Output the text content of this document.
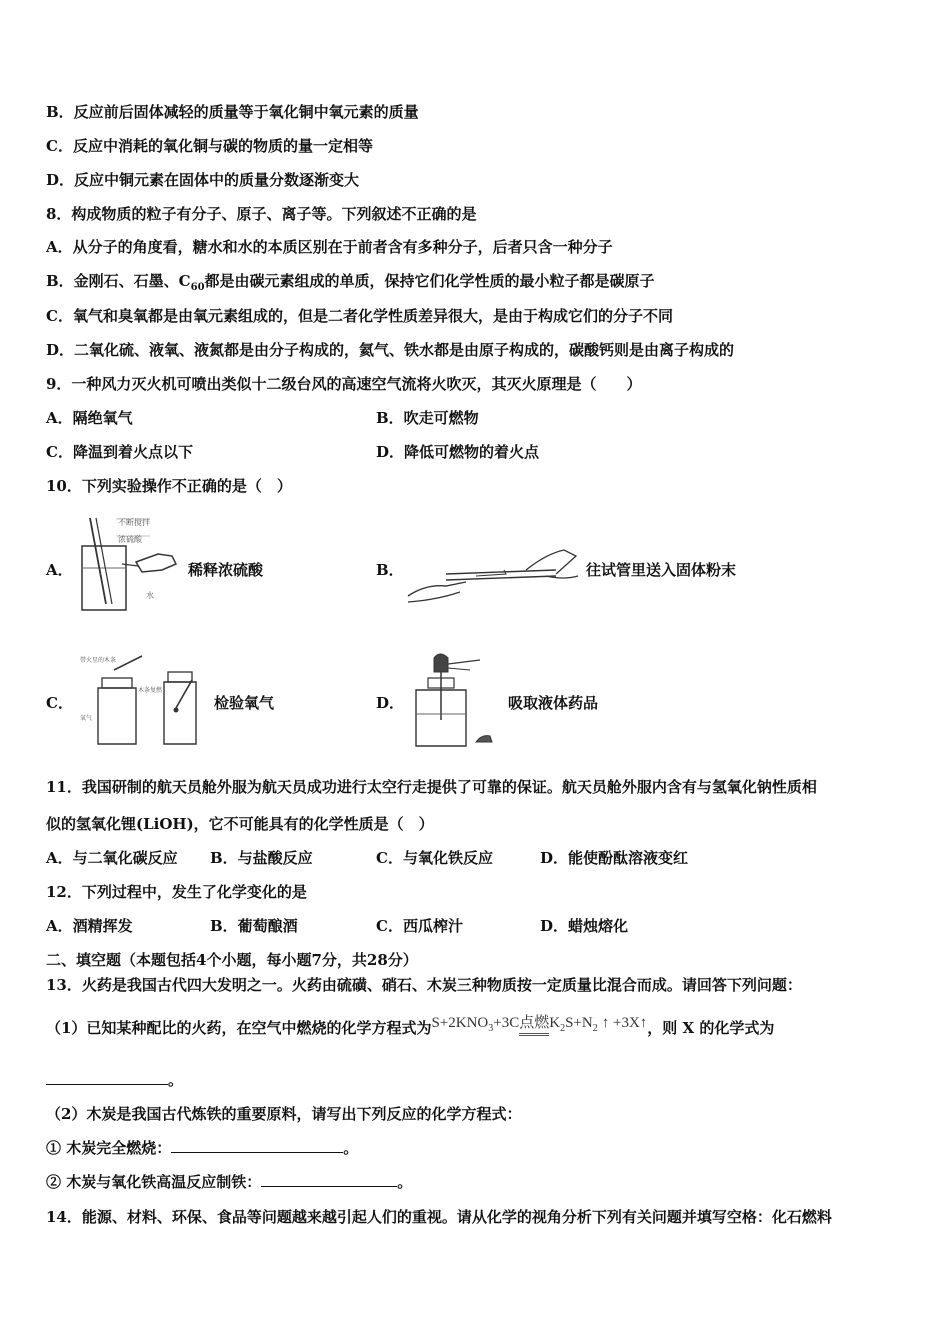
B．反应前后固体减轻的质量等于氧化铜中氧元素的质量
C．反应中消耗的氧化铜与碳的物质的量一定相等
D．反应中铜元素在固体中的质量分数逐渐变大
8．构成物质的粒子有分子、原子、离子等。下列叙述不正确的是
A．从分子的角度看，糖水和水的本质区别在于前者含有多种分子，后者只含一种分子
B．金刚石、石墨、$C_{60}$都是由碳元素组成的单质，保持它们化学性质的最小粒子都是碳原子
C．氧气和臭氧都是由氧元素组成的，但是二者化学性质差异很大，是由于构成它们的分子不同
D．二氧化硫、液氧、液氮都是由分子构成的，氦气、铁水都是由原子构成的，碳酸钙则是由离子构成的
9．一种风力灭火机可喷出类似十二级台风的高速空气流将火吹灭，其灭火原理是（　　）
A．隔绝氧气	B．吹走可燃物
C．降温到着火点以下	D．降低可燃物的着火点
10．下列实验操作不正确的是（　）
A．
不断搅拌
浓硫酸
水
稀释浓硫酸	B．	往试管里送入固体粉末
C．
带火星的木条
氧气
木条复燃
检验氧气	D．	吸取液体药品
11．我国研制的航天员舱外服为航天员成功进行太空行走提供了可靠的保证。航天员舱外服内含有与氢氧化钠性质相
似的氢氧化锂(LiOH)，它不可能具有的化学性质是（　）
A．与二氧化碳反应 B．与盐酸反应	C．与氧化铁反应	D．能使酚酞溶液变红
12．下列过程中，发生了化学变化的是
A．酒精挥发	B．葡萄酿酒	C．西瓜榨汁	D．蜡烛熔化
二、填空题（本题包括4个小题，每小题7分，共28分）
13．火药是我国古代四大发明之一。火药由硫磺、硝石、木炭三种物质按一定质量比混合而成。请回答下列问题：
（1）已知某种配比的火药，在空气中燃烧的化学方程式为$S+2KNO_3+3C$点燃
$K_2S+N_2$ ↑ +3X↑，则 X 的化学式为
。
（2）木炭是我国古代炼铁的重要原料，请写出下列反应的化学方程式：
① 木炭完全燃烧：	。
② 木炭与氧化铁高温反应制铁：	。
14．能源、材料、环保、食品等问题越来越引起人们的重视。请从化学的视角分析下列有关问题并填写空格：化石燃料
